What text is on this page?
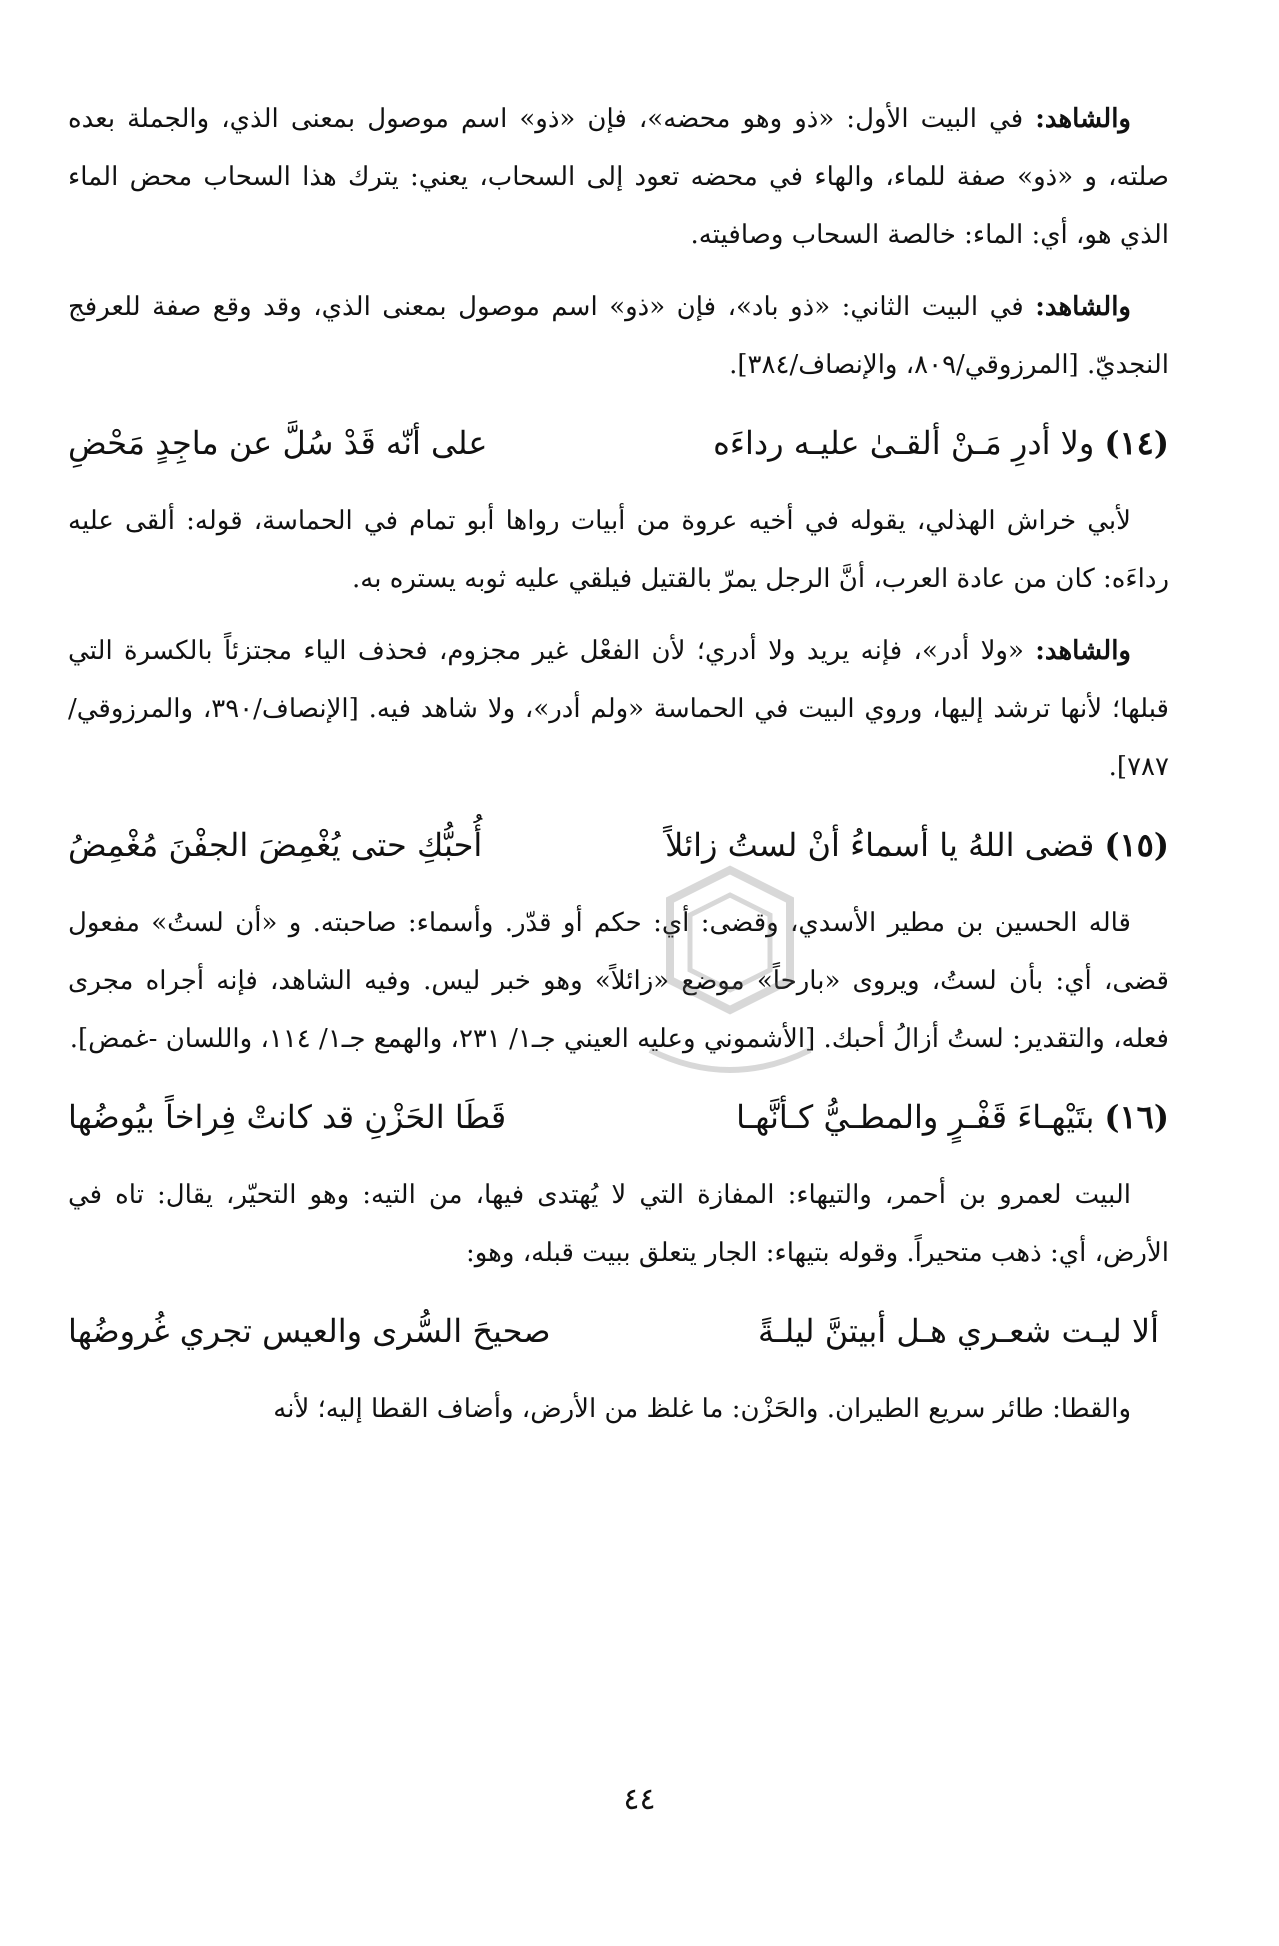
والشاهد: في البيت الأول: «ذو وهو محضه»، فإن «ذو» اسم موصول بمعنى الذي، والجملة بعده صلته، و «ذو» صفة للماء، والهاء في محضه تعود إلى السحاب، يعني: يترك هذا السحاب محض الماء الذي هو، أي: الماء: خالصة السحاب وصافيته.

والشاهد: في البيت الثاني: «ذو باد»، فإن «ذو» اسم موصول بمعنى الذي، وقد وقع صفة للعرفج النجديّ. [المرزوقي/٨٠٩، والإنصاف/٣٨٤].

(١٤)ولا أدرِ مَـنْ ألقـىٰ عليـه رداءَه
على أنّه قَدْ سُلَّ عن ماجِدٍ مَحْضِ

لأبي خراش الهذلي، يقوله في أخيه عروة من أبيات رواها أبو تمام في الحماسة، قوله: ألقى عليه رداءَه: كان من عادة العرب، أنَّ الرجل يمرّ بالقتيل فيلقي عليه ثوبه يستره به.

والشاهد: «ولا أدر»، فإنه يريد ولا أدري؛ لأن الفعْل غير مجزوم، فحذف الياء مجتزئاً بالكسرة التي قبلها؛ لأنها ترشد إليها، وروي البيت في الحماسة «ولم أدر»، ولا شاهد فيه. [الإنصاف/٣٩٠، والمرزوقي/٧٨٧].

(١٥)قضى اللهُ يا أسماءُ أنْ لستُ زائلاً
أُحبُّكِ حتى يُغْمِضَ الجفْنَ مُغْمِضُ

قاله الحسين بن مطير الأسدي، وقضى: أي: حكم أو قدّر. وأسماء: صاحبته. و «أن لستُ» مفعول قضى، أي: بأن لستُ، ويروى «بارحاً» موضع «زائلاً» وهو خبر ليس. وفيه الشاهد، فإنه أجراه مجرى فعله، والتقدير: لستُ أزالُ أحبك. [الأشموني وعليه العيني جـ١/ ٢٣١، والهمع جـ١/ ١١٤، واللسان -غمض].

(١٦)بتَيْهـاءَ قَفْـرٍ والمطـيُّ كـأنَّهـا
قَطَا الحَزْنِ قد كانتْ فِراخاً بيُوضُها

البيت لعمرو بن أحمر، والتيهاء: المفازة التي لا يُهتدى فيها، من التيه: وهو التحيّر، يقال: تاه في الأرض، أي: ذهب متحيراً. وقوله بتيهاء: الجار يتعلق ببيت قبله، وهو:

ألا ليـت شعـري هـل أبيتنَّ ليلـةً
صحيحَ السُّرى والعيس تجري غُروضُها

والقطا: طائر سريع الطيران. والحَزْن: ما غلظ من الأرض، وأضاف القطا إليه؛ لأنه

٤٤
